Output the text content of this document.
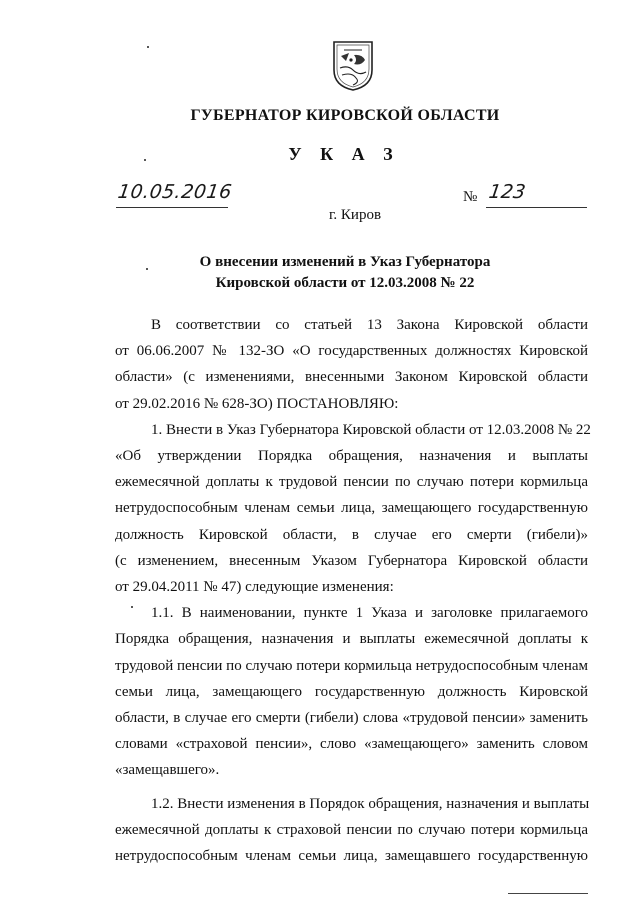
ГУБЕРНАТОР КИРОВСКОЙ ОБЛАСТИ
У К А З
10.05.2016	№ 123
г. Киров
О внесении изменений в Указ Губернатора
Кировской области от 12.03.2008 № 22
В соответствии со статьей 13 Закона Кировской области
от 06.06.2007 № 132-ЗО «О государственных должностях Кировской
области» (с изменениями, внесенными Законом Кировской области
от 29.02.2016 № 628-ЗО) ПОСТАНОВЛЯЮ:
1. Внести в Указ Губернатора Кировской области от 12.03.2008 № 22
«Об утверждении Порядка обращения, назначения и выплаты
ежемесячной доплаты к трудовой пенсии по случаю потери кормильца
нетрудоспособным членам семьи лица, замещающего государственную
должность Кировской области, в случае его смерти (гибели)»
(с изменением, внесенным Указом Губернатора Кировской области
от 29.04.2011 № 47) следующие изменения:
1.1. В наименовании, пункте 1 Указа и заголовке прилагаемого
Порядка обращения, назначения и выплаты ежемесячной доплаты к
трудовой пенсии по случаю потери кормильца нетрудоспособным членам
семьи лица, замещающего государственную должность Кировской
области, в случае его смерти (гибели) слова «трудовой пенсии» заменить
словами «страховой пенсии», слово «замещающего» заменить словом
«замещавшего».
1.2. Внести изменения в Порядок обращения, назначения и выплаты
ежемесячной доплаты к страховой пенсии по случаю потери кормильца
нетрудоспособным членам семьи лица, замещавшего государственную
